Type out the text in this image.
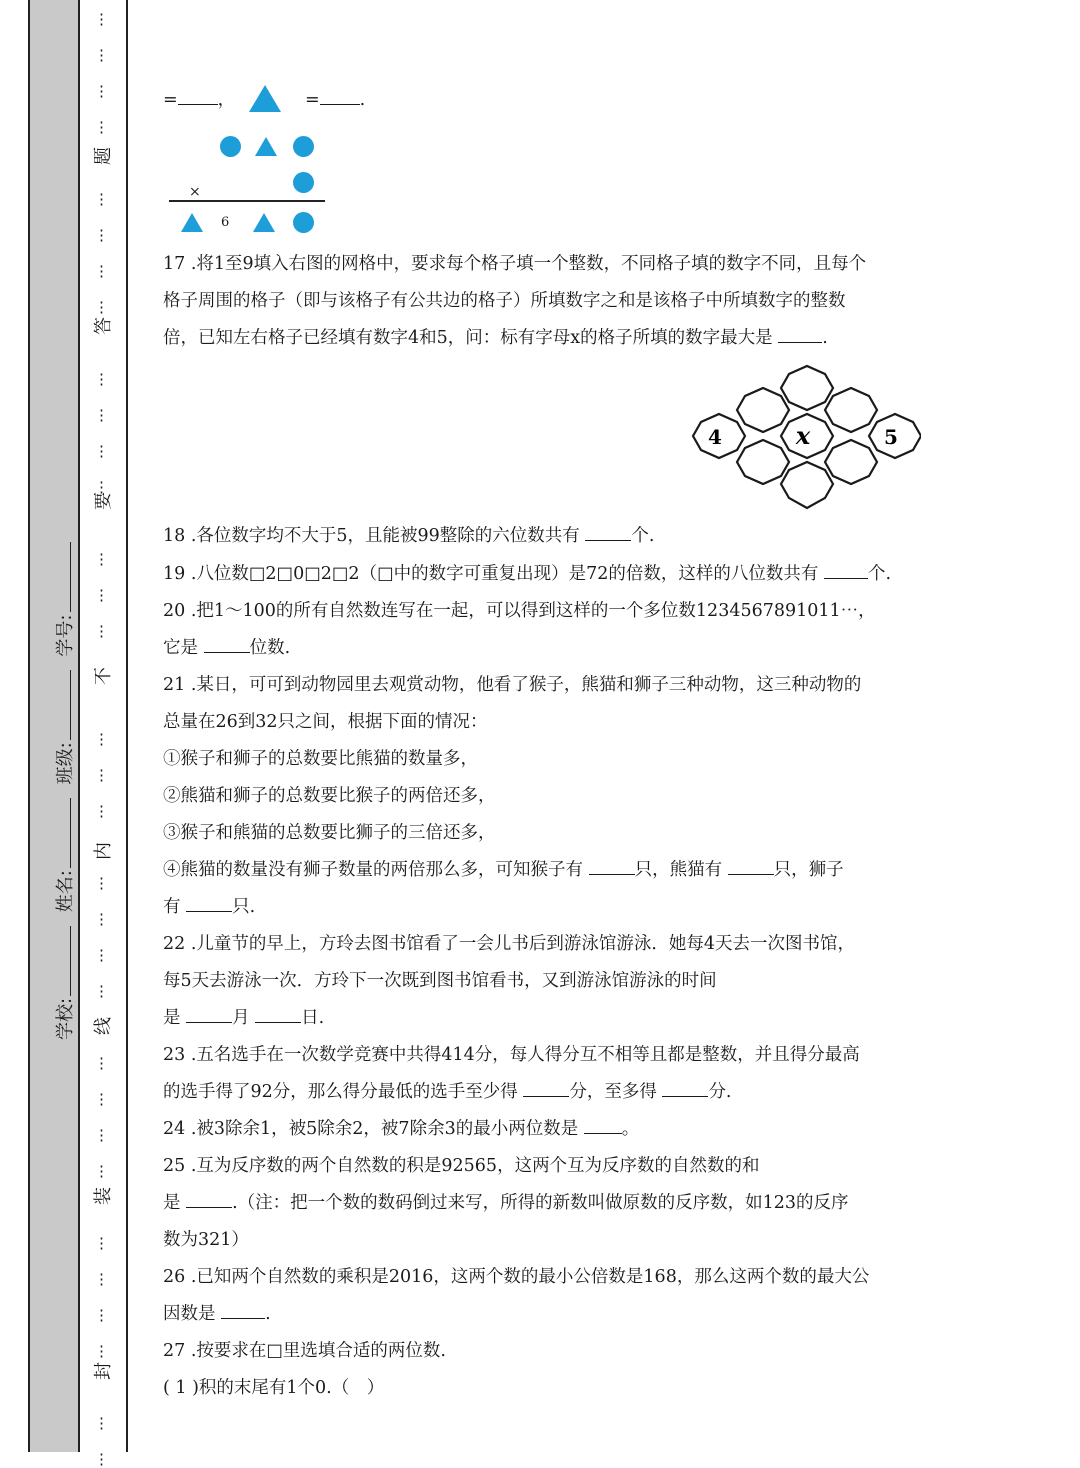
学校: 姓名: 班级: 学号:
⋮
⋮
⋮
⋮
⋮
⋮
⋮
⋮
⋮
⋮
⋮
⋮
⋮
⋮
⋮
⋮
⋮
⋮
⋮
⋮
⋮
⋮
⋮
⋮
⋮
⋮
⋮
⋮
⋮
⋮
⋮
⋮
题
答
要
不
内
线
装
封
= ，	= .
×
6
17 .将1至9填入右图的网格中，要求每个格子填一个整数，不同格子填的数字不同，且每个
格子周围的格子（即与该格子有公共边的格子）所填数字之和是该格子中所填数字的整数
倍，已知左右格子已经填有数字4和5，问：标有字母x的格子所填的数字最大是	.
18 .各位数字均不大于5，且能被99整除的六位数共有	个.
19 .八位数□2□0□2□2（□中的数字可重复出现）是72的倍数，这样的八位数共有	个.
20 .把1～100的所有自然数连写在一起，可以得到这样的一个多位数1234567891011⋯，
它是	位数.
21 .某日，可可到动物园里去观赏动物，他看了猴子，熊猫和狮子三种动物，这三种动物的
总量在26到32只之间，根据下面的情况：
①猴子和狮子的总数要比熊猫的数量多，
②熊猫和狮子的总数要比猴子的两倍还多，
③猴子和熊猫的总数要比狮子的三倍还多，
④熊猫的数量没有狮子数量的两倍那么多，可知猴子有	只，熊猫有	只，狮子
有	只.
22 .儿童节的早上，方玲去图书馆看了一会儿书后到游泳馆游泳．她每4天去一次图书馆，
每5天去游泳一次．方玲下一次既到图书馆看书，又到游泳馆游泳的时间
是	月	日.
23 .五名选手在一次数学竞赛中共得414分，每人得分互不相等且都是整数，并且得分最高
的选手得了92分，那么得分最低的选手至少得	分，至多得	分.
24 .被3除余1，被5除余2，被7除余3的最小两位数是 。
25 .互为反序数的两个自然数的积是92565，这两个互为反序数的自然数的和
是	.（注：把一个数的数码倒过来写，所得的新数叫做原数的反序数，如123的反序
数为321）
26 .已知两个自然数的乘积是2016，这两个数的最小公倍数是168，那么这两个数的最大公
因数是	.
27 .按要求在□里选填合适的两位数.
( 1 )积的末尾有1个0.（　）
4	x	5
